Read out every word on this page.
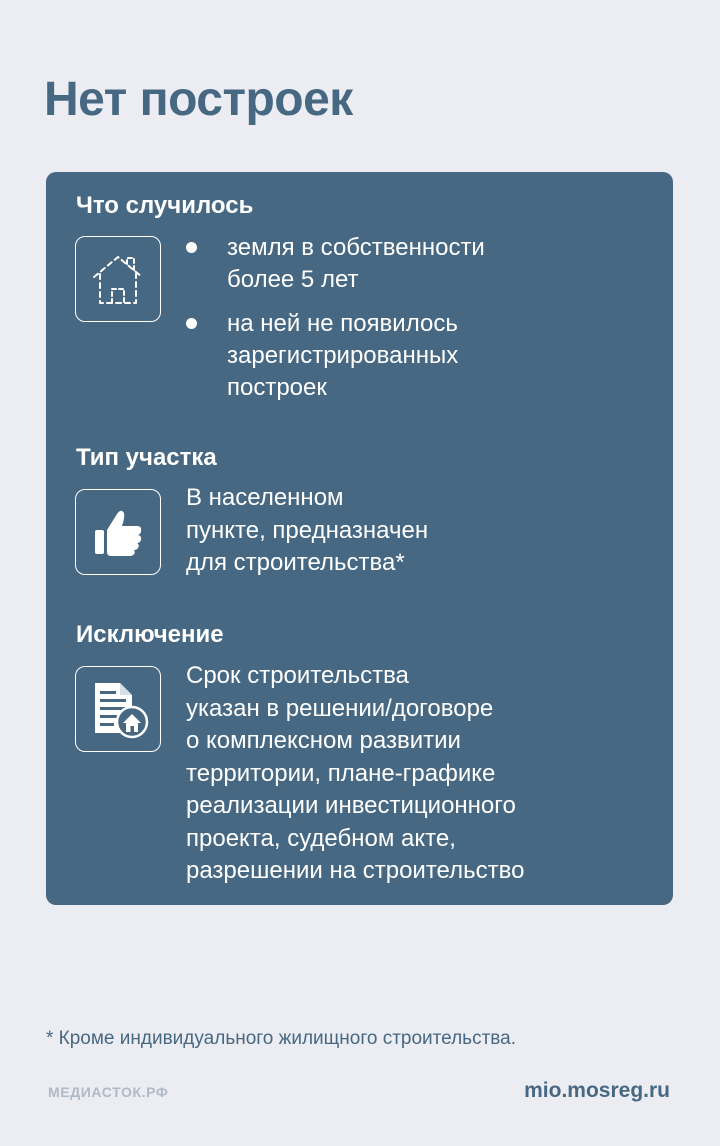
Нет построек
Что случилось
земля в собственности
более 5 лет
на ней не появилось
зарегистрированных
построек
Тип участка

В населенном
пункте, предназначен
для строительства*

Исключение

Срок строительства
указан в решении/договоре
о комплексном развитии
территории, плане-графике
реализации инвестиционного
проекта, судебном акте,
разрешении на строительство

* Кроме индивидуального жилищного строительства.

МЕДИАСТОК.РФ	mio.mosreg.ru
